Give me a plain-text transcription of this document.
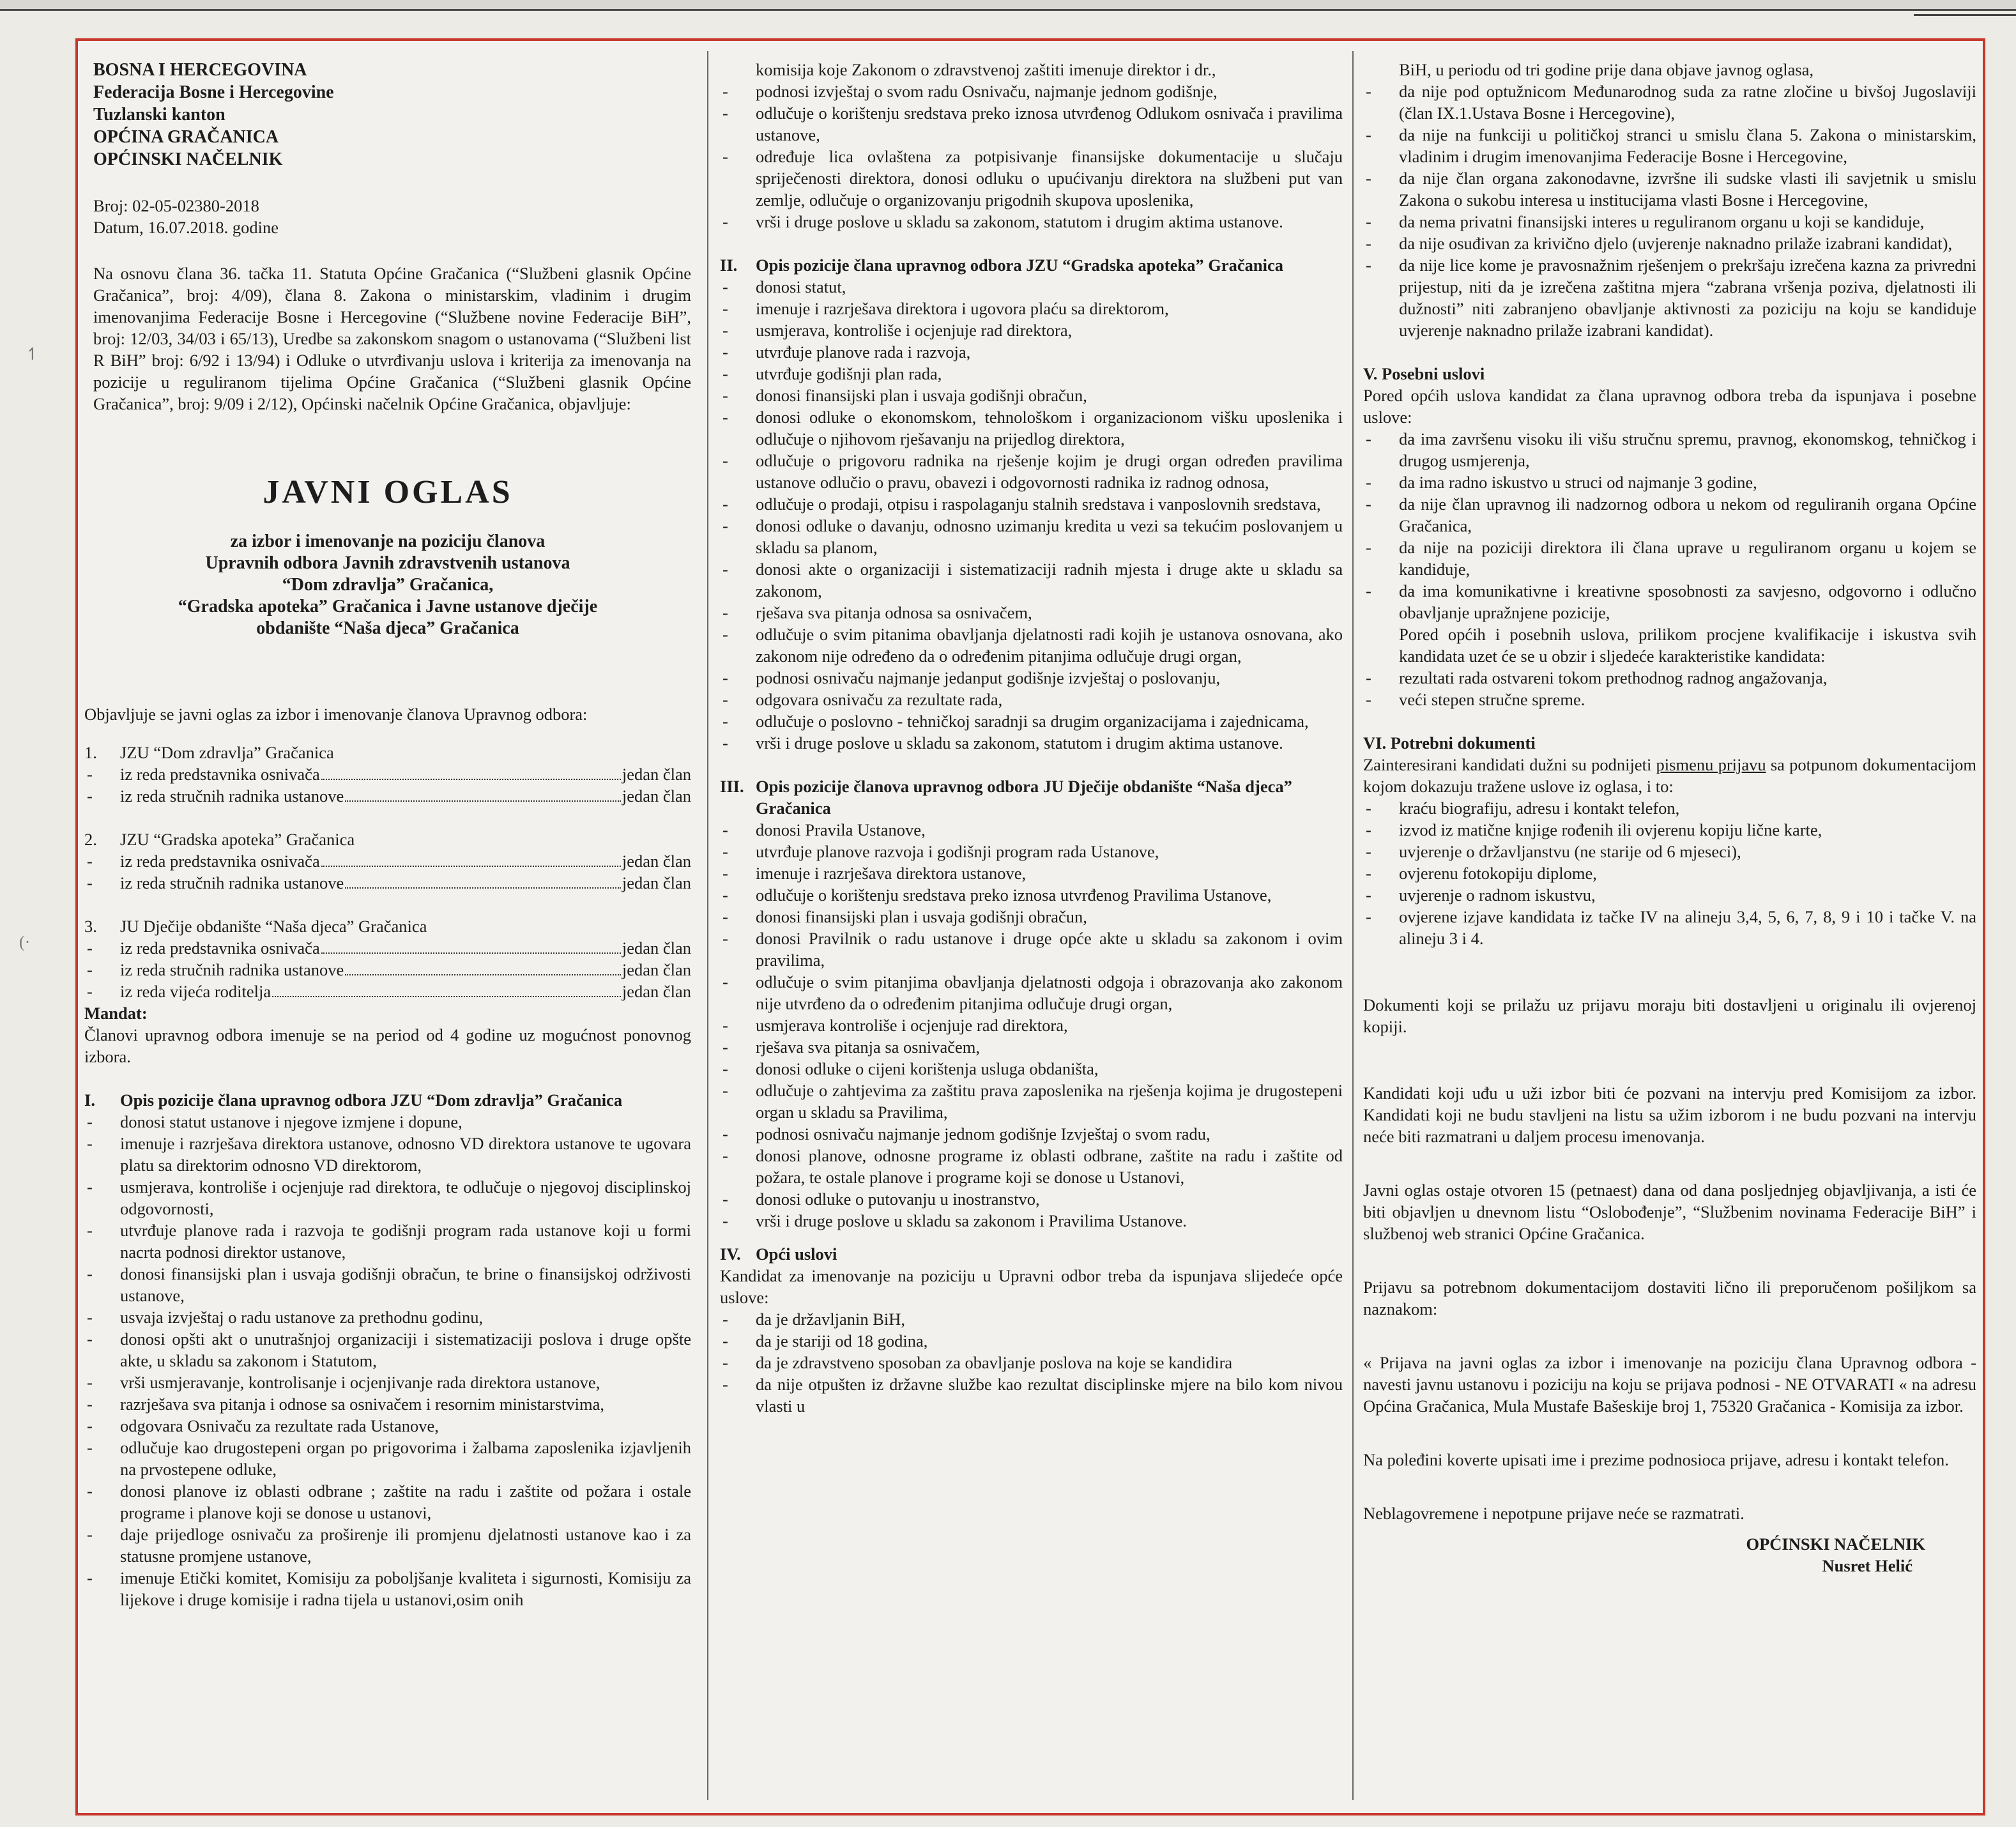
↿
(·

BOSNA I HERCEGOVINA

Federacija Bosne i Hercegovine

Tuzlanski kanton

OPĆINA GRAČANICA

OPĆINSKI NAČELNIK

Broj: 02-05-02380-2018

Datum, 16.07.2018. godine

Na osnovu člana 36. tačka 11. Statuta Općine Gračanica (“Službeni glasnik Općine Gračanica”, broj: 4/09), člana 8. Zakona o ministarskim, vladinim i drugim imenovanjima Federacije Bosne i Hercegovine (“Službene novine Federacije BiH”, broj: 12/03, 34/03 i 65/13), Uredbe sa zakonskom snagom o ustanovama (“Službeni list R BiH” broj: 6/92 i 13/94) i Odluke o utvrđivanju uslova i kriterija za imenovanja na pozicije u reguliranom tijelima Općine Gračanica (“Službeni glasnik Općine Gračanica”, broj: 9/09 i 2/12), Općinski načelnik Općine Gračanica, objavljuje:

JAVNI OGLAS

za izbor i imenovanje na poziciju članova

Upravnih odbora Javnih zdravstvenih ustanova

“Dom zdravlja” Gračanica,

“Gradska apoteka” Gračanica i Javne ustanove dječije

obdanište “Naša djeca” Gračanica

Objavljuje se javni oglas za izbor i imenovanje članova Upravnog odbora:

1.	JZU “Dom zdravlja” Gračanica
-	iz reda predstavnika osnivača	jedan član
-	iz reda stručnih radnika ustanove	jedan član
2.	JZU “Gradska apoteka” Gračanica
-	iz reda predstavnika osnivača	jedan član
-	iz reda stručnih radnika ustanove	jedan član
3.	JU Dječije obdanište “Naša djeca” Gračanica
-	iz reda predstavnika osnivača	jedan član
-	iz reda stručnih radnika ustanove	jedan član
-	iz reda vijeća roditelja	jedan član

Mandat:

Članovi upravnog odbora imenuje se na period od 4 godine uz mogućnost ponovnog izbora.

I.	Opis pozicije člana upravnog odbora JZU “Dom zdravlja” Gračanica
-	donosi statut ustanove i njegove izmjene i dopune,
-	imenuje i razrješava direktora ustanove, odnosno VD direktora ustanove te ugovara platu sa direktorim odnosno VD direktorom,
-	usmjerava, kontroliše i ocjenjuje rad direktora, te odlučuje o njegovoj disciplinskoj odgovornosti,
-	utvrđuje planove rada i razvoja te godišnji program rada ustanove koji u formi nacrta podnosi direktor ustanove,
-	donosi finansijski plan i usvaja godišnji obračun, te brine o finansijskoj održivosti ustanove,
-	usvaja izvještaj o radu ustanove za prethodnu godinu,
-	donosi opšti akt o unutrašnjoj organizaciji i sistematizaciji poslova i druge opšte akte, u skladu sa zakonom i Statutom,
-	vrši usmjeravanje, kontrolisanje i ocjenjivanje rada direktora ustanove,
-	razrješava sva pitanja i odnose sa osnivačem i resornim ministarstvima,
-	odgovara Osnivaču za rezultate rada Ustanove,
-	odlučuje kao drugostepeni organ po prigovorima i žalbama zaposlenika izjavljenih na prvostepene odluke,
-	donosi planove iz oblasti odbrane ; zaštite na radu i zaštite od požara i ostale programe i planove koji se donose u ustanovi,
-	daje prijedloge osnivaču za proširenje ili promjenu djelatnosti ustanove kao i za statusne promjene ustanove,
-	imenuje Etički komitet, Komisiju za poboljšanje kvaliteta i sigurnosti, Komisiju za lijekove i druge komisije i radna tijela u ustanovi,osim onih
komisija koje Zakonom o zdravstvenoj zaštiti imenuje direktor i dr.,
-	podnosi izvještaj o svom radu Osnivaču, najmanje jednom godišnje,
-	odlučuje o korištenju sredstava preko iznosa utvrđenog Odlukom osnivača i pravilima ustanove,
-	određuje lica ovlaštena za potpisivanje finansijske dokumentacije u slučaju spriječenosti direktora, donosi odluku o upućivanju direktora na službeni put van zemlje, odlučuje o organizovanju prigodnih skupova uposlenika,
-	vrši i druge poslove u skladu sa zakonom, statutom i drugim aktima ustanove.
II.	Opis pozicije člana upravnog odbora JZU “Gradska apoteka” Gračanica
-	donosi statut,
-	imenuje i razrješava direktora i ugovora plaću sa direktorom,
-	usmjerava, kontroliše i ocjenjuje rad direktora,
-	utvrđuje planove rada i razvoja,
-	utvrđuje godišnji plan rada,
-	donosi finansijski plan i usvaja godišnji obračun,
-	donosi odluke o ekonomskom, tehnološkom i organizacionom višku uposlenika i odlučuje o njihovom rješavanju na prijedlog direktora,
-	odlučuje o prigovoru radnika na rješenje kojim je drugi organ određen pravilima ustanove odlučio o pravu, obavezi i odgovornosti radnika iz radnog odnosa,
-	odlučuje o prodaji, otpisu i raspolaganju stalnih sredstava i vanposlovnih sredstava,
-	donosi odluke o davanju, odnosno uzimanju kredita u vezi sa tekućim poslovanjem u skladu sa planom,
-	donosi akte o organizaciji i sistematizaciji radnih mjesta i druge akte u skladu sa zakonom,
-	rješava sva pitanja odnosa sa osnivačem,
-	odlučuje o svim pitanima obavljanja djelatnosti radi kojih je ustanova osnovana, ako zakonom nije određeno da o određenim pitanjima odlučuje drugi organ,
-	podnosi osnivaču najmanje jedanput godišnje izvještaj o poslovanju,
-	odgovara osnivaču za rezultate rada,
-	odlučuje o poslovno - tehničkoj saradnji sa drugim organizacijama i zajednicama,
-	vrši i druge poslove u skladu sa zakonom, statutom i drugim aktima ustanove.
III. Opis pozicije članova upravnog odbora JU Dječije obdanište “Naša djeca” Gračanica
-	donosi Pravila Ustanove,
-	utvrđuje planove razvoja i godišnji program rada Ustanove,
-	imenuje i razrješava direktora ustanove,
-	odlučuje o korištenju sredstava preko iznosa utvrđenog Pravilima Ustanove,
-	donosi finansijski plan i usvaja godišnji obračun,
-	donosi Pravilnik o radu ustanove i druge opće akte u skladu sa zakonom i ovim pravilima,
-	odlučuje o svim pitanjima obavljanja djelatnosti odgoja i obrazovanja ako zakonom nije utvrđeno da o određenim pitanjima odlučuje drugi organ,
-	usmjerava kontroliše i ocjenjuje rad direktora,
-	rješava sva pitanja sa osnivačem,
-	donosi odluke o cijeni korištenja usluga obdaništa,
-	odlučuje o zahtjevima za zaštitu prava zaposlenika na rješenja kojima je drugostepeni organ u skladu sa Pravilima,
-	podnosi osnivaču najmanje jednom godišnje Izvještaj o svom radu,
-	donosi planove, odnosne programe iz oblasti odbrane, zaštite na radu i zaštite od požara, te ostale planove i programe koji se donose u Ustanovi,
-	donosi odluke o putovanju u inostranstvo,
-	vrši i druge poslove u skladu sa zakonom i Pravilima Ustanove.
IV. Opći uslovi

Kandidat za imenovanje na poziciju u Upravni odbor treba da ispunjava slijedeće opće uslove:

-	da je državljanin BiH,
-	da je stariji od 18 godina,
-	da je zdravstveno sposoban za obavljanje poslova na koje se kandidira
-	da nije otpušten iz državne službe kao rezultat disciplinske mjere na bilo kom nivou vlasti u
BiH, u periodu od tri godine prije dana objave javnog oglasa,
-	da nije pod optužnicom Međunarodnog suda za ratne zločine u bivšoj Jugoslaviji (član IX.1.Ustava Bosne i Hercegovine),
-	da nije na funkciji u političkoj stranci u smislu člana 5. Zakona o ministarskim, vladinim i drugim imenovanjima Federacije Bosne i Hercegovine,
-	da nije član organa zakonodavne, izvršne ili sudske vlasti ili savjetnik u smislu Zakona o sukobu interesa u institucijama vlasti Bosne i Hercegovine,
-	da nema privatni finansijski interes u reguliranom organu u koji se kandiduje,
-	da nije osuđivan za krivično djelo (uvjerenje naknadno prilaže izabrani kandidat),
-	da nije lice kome je pravosnažnim rješenjem o prekršaju izrečena kazna za privredni prijestup, niti da je izrečena zaštitna mjera “zabrana vršenja poziva, djelatnosti ili dužnosti” niti zabranjeno obavljanje aktivnosti za poziciju na koju se kandiduje uvjerenje naknadno prilaže izabrani kandidat).

V. Posebni uslovi

Pored općih uslova kandidat za člana upravnog odbora treba da ispunjava i posebne uslove:

-	da ima završenu visoku ili višu stručnu spremu, pravnog, ekonomskog, tehničkog i drugog usmjerenja,
-	da ima radno iskustvo u struci od najmanje 3 godine,
-	da nije član upravnog ili nadzornog odbora u nekom od reguliranih organa Općine Gračanica,
-	da nije na poziciji direktora ili člana uprave u reguliranom organu u kojem se kandiduje,
-	da ima komunikativne i kreativne sposobnosti za savjesno, odgovorno i odlučno obavljanje upražnjene pozicije,

Pored općih i posebnih uslova, prilikom procjene kvalifikacije i iskustva svih kandidata uzet će se u obzir i sljedeće karakteristike kandidata:

-	rezultati rada ostvareni tokom prethodnog radnog angažovanja,
-	veći stepen stručne spreme.

VI. Potrebni dokumenti

Zainteresirani kandidati dužni su podnijeti pismenu prijavu sa potpunom dokumentacijom kojom dokazuju tražene uslove iz oglasa, i to:

-	kraću biografiju, adresu i kontakt telefon,
-	izvod iz matične knjige rođenih ili ovjerenu kopiju lične karte,
-	uvjerenje o državljanstvu (ne starije od 6 mjeseci),
-	ovjerenu fotokopiju diplome,
-	uvjerenje o radnom iskustvu,
-	ovjerene izjave kandidata iz tačke IV na alineju 3,4, 5, 6, 7, 8, 9 i 10 i tačke V. na alineju 3 i 4.

Dokumenti koji se prilažu uz prijavu moraju biti dostavljeni u originalu ili ovjerenoj kopiji.

Kandidati koji uđu u uži izbor biti će pozvani na intervju pred Komisijom za izbor. Kandidati koji ne budu stavljeni na listu sa užim izborom i ne budu pozvani na intervju neće biti razmatrani u daljem procesu imenovanja.

Javni oglas ostaje otvoren 15 (petnaest) dana od dana posljednjeg objavljivanja, a isti će biti objavljen u dnevnom listu “Oslobođenje”, “Službenim novinama Federacije BiH” i službenoj web stranici Općine Gračanica.

Prijavu sa potrebnom dokumentacijom dostaviti lično ili preporučenom pošiljkom sa naznakom:

« Prijava na javni oglas za izbor i imenovanje na poziciju člana Upravnog odbora - navesti javnu ustanovu i poziciju na koju se prijava podnosi - NE OTVARATI « na adresu Općina Gračanica, Mula Mustafe Bašeskije broj 1, 75320 Gračanica - Komisija za izbor.

Na poleđini koverte upisati ime i prezime podnosioca prijave, adresu i kontakt telefon.

Neblagovremene i nepotpune prijave neće se razmatrati.

OPĆINSKI NAČELNIK

Nusret Helić
